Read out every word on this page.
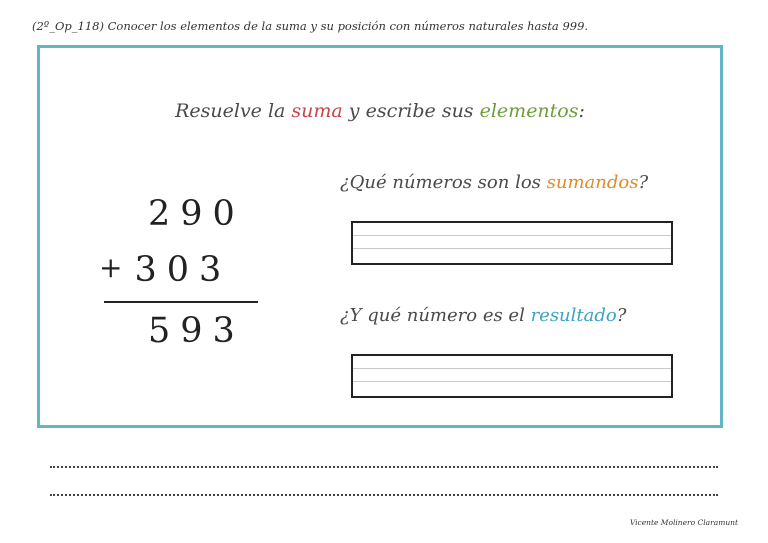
(2º_Op_118) Conocer los elementos de la suma y su posición con números naturales hasta 999.
Resuelve la suma y escribe sus elementos:
290
+ 303
593
¿Qué números son los sumandos?
¿Y qué número es el resultado?
Vicente Molinero Claramunt
